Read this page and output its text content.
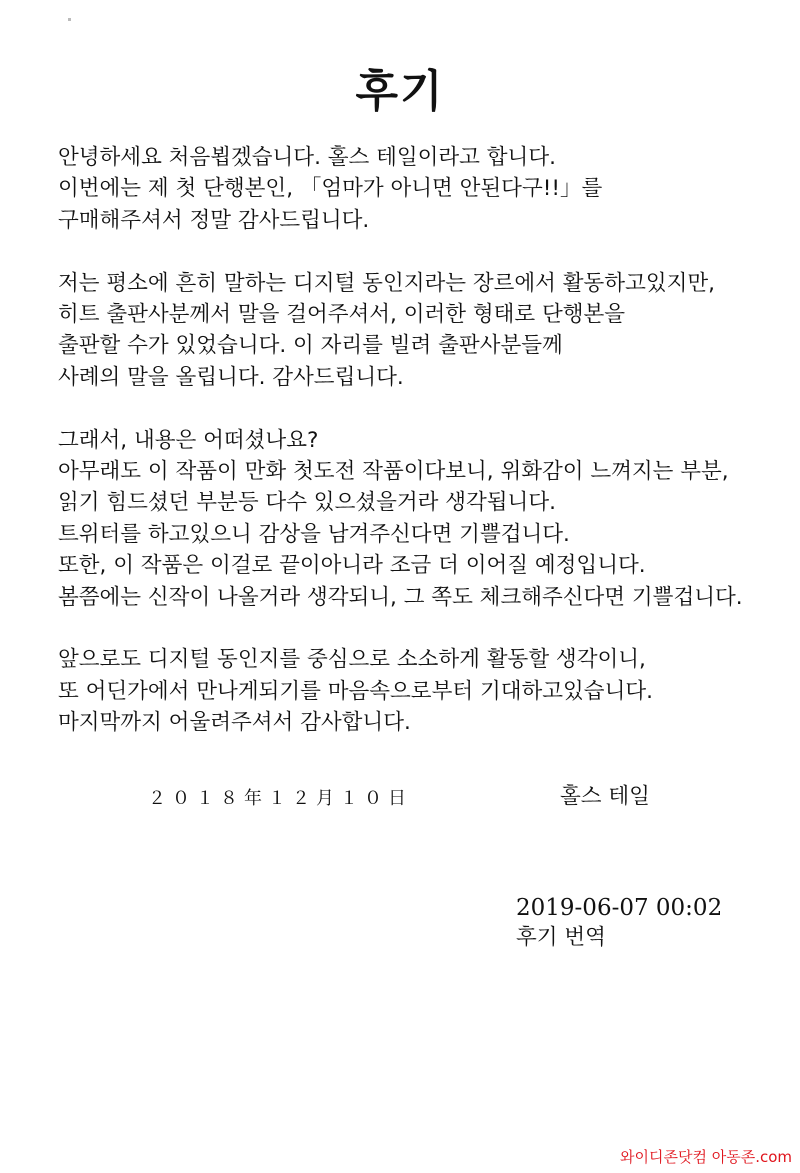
후기
안녕하세요 처음뵙겠습니다. 홀스 테일이라고 합니다.
이번에는 제 첫 단행본인, 「엄마가 아니면 안된다구!!」를
구매해주셔서 정말 감사드립니다.
저는 평소에 흔히 말하는 디지털 동인지라는 장르에서 활동하고있지만,
히트 출판사분께서 말을 걸어주셔서, 이러한 형태로 단행본을
출판할 수가 있었습니다. 이 자리를 빌려 출판사분들께
사례의 말을 올립니다. 감사드립니다.
그래서, 내용은 어떠셨나요?
아무래도 이 작품이 만화 첫도전 작품이다보니, 위화감이 느껴지는 부분,
읽기 힘드셨던 부분등 다수 있으셨을거라 생각됩니다.
트위터를 하고있으니 감상을 남겨주신다면 기쁠겁니다.
또한, 이 작품은 이걸로 끝이아니라 조금 더 이어질 예정입니다.
봄쯤에는 신작이 나올거라 생각되니, 그 쪽도 체크해주신다면 기쁠겁니다.
앞으로도 디지털 동인지를 중심으로 소소하게 활동할 생각이니,
또 어딘가에서 만나게되기를 마음속으로부터 기대하고있습니다.
마지막까지 어울려주셔서 감사합니다.
２０１８年１２月１０日	홀스 테일
2019-06-07 00:02
후기 번역
와이디존닷컴 아동존.com
